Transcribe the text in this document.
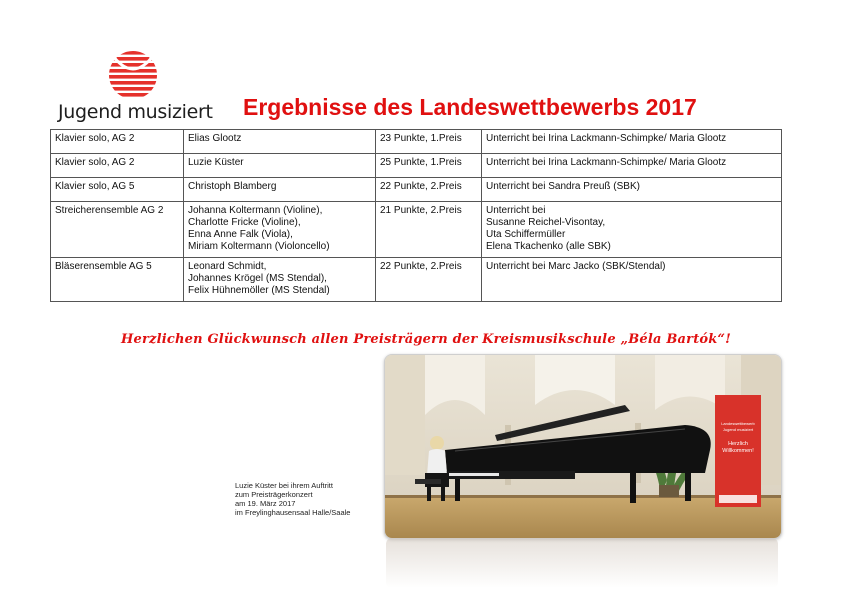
Jugend musiziert Ergebnisse des Landeswettbewerbs 2017
Klavier solo, AG 2	Elias Glootz	23 Punkte, 1.Preis	Unterricht bei Irina Lackmann-Schimpke/ Maria Glootz

Klavier solo, AG 2	Luzie Küster	25 Punkte, 1.Preis	Unterricht bei Irina Lackmann-Schimpke/ Maria Glootz

Klavier solo, AG 5	Christoph Blamberg	22 Punkte, 2.Preis	Unterricht bei Sandra Preuß (SBK)

Streicherensemble AG 2	Johanna Koltermann (Violine),
Charlotte Fricke (Violine),
Enna Anne Falk (Viola),
Miriam Koltermann (Violoncello)	21 Punkte, 2.Preis	Unterricht bei
Susanne Reichel-Visontay,
Uta Schiffermüller
Elena Tkachenko (alle SBK)

Bläserensemble AG 5	Leonard Schmidt,
Johannes Krögel (MS Stendal),
Felix Hühnemöller (MS Stendal)	22 Punkte, 2.Preis	Unterricht bei Marc Jacko (SBK/Stendal)
Herzlichen Glückwunsch allen Preisträgern der Kreismusikschule „Béla Bartók“!
Luzie Küster bei ihrem Auftritt
zum Preisträgerkonzert
am 19. März 2017
im Freylinghausensaal Halle/Saale
Landeswettbewerb
Jugend musiziert
Herzlich
Willkommen!
